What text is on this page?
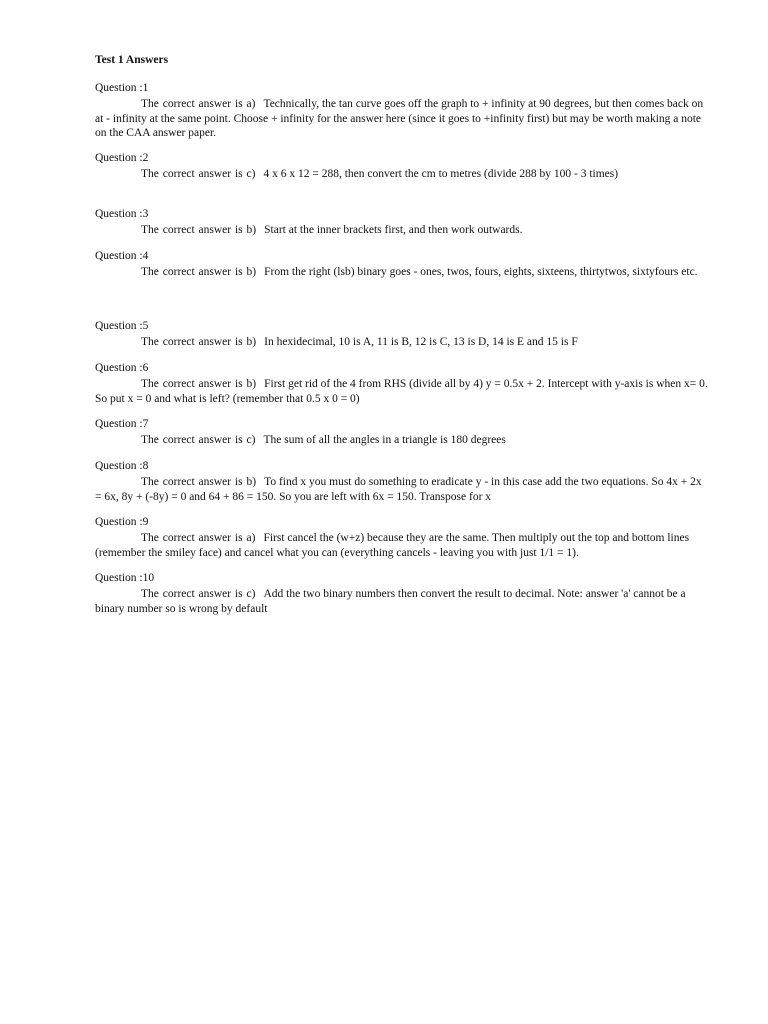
Test 1 Answers
Question :1

The correct answer is a) Technically, the tan curve goes off the graph to + infinity at 90 degrees, but then comes back on at - infinity at the same point. Choose + infinity for the answer here (since it goes to +infinity first) but may be worth making a note on the CAA answer paper.

Question :2

The correct answer is c) 4 x 6 x 12 = 288, then convert the cm to metres (divide 288 by 100 - 3 times)

Question :3

The correct answer is b) Start at the inner brackets first, and then work outwards.

Question :4

The correct answer is b) From the right (lsb) binary goes - ones, twos, fours, eights, sixteens, thirtytwos, sixtyfours etc.

Question :5

The correct answer is b) In hexidecimal, 10 is A, 11 is B, 12 is C, 13 is D, 14 is E and 15 is F

Question :6

The correct answer is b) First get rid of the 4 from RHS (divide all by 4) y = 0.5x + 2. Intercept with y-axis is when x= 0. So put x = 0 and what is left? (remember that 0.5 x 0 = 0)

Question :7

The correct answer is c) The sum of all the angles in a triangle is 180 degrees

Question :8

The correct answer is b) To find x you must do something to eradicate y - in this case add the two equations. So 4x + 2x = 6x, 8y + (-8y) = 0 and 64 + 86 = 150. So you are left with 6x = 150. Transpose for x

Question :9

The correct answer is a) First cancel the (w+z) because they are the same. Then multiply out the top and bottom lines (remember the smiley face) and cancel what you can (everything cancels - leaving you with just 1/1 = 1).

Question :10

The correct answer is c) Add the two binary numbers then convert the result to decimal. Note: answer 'a' cannot be a binary number so is wrong by default
